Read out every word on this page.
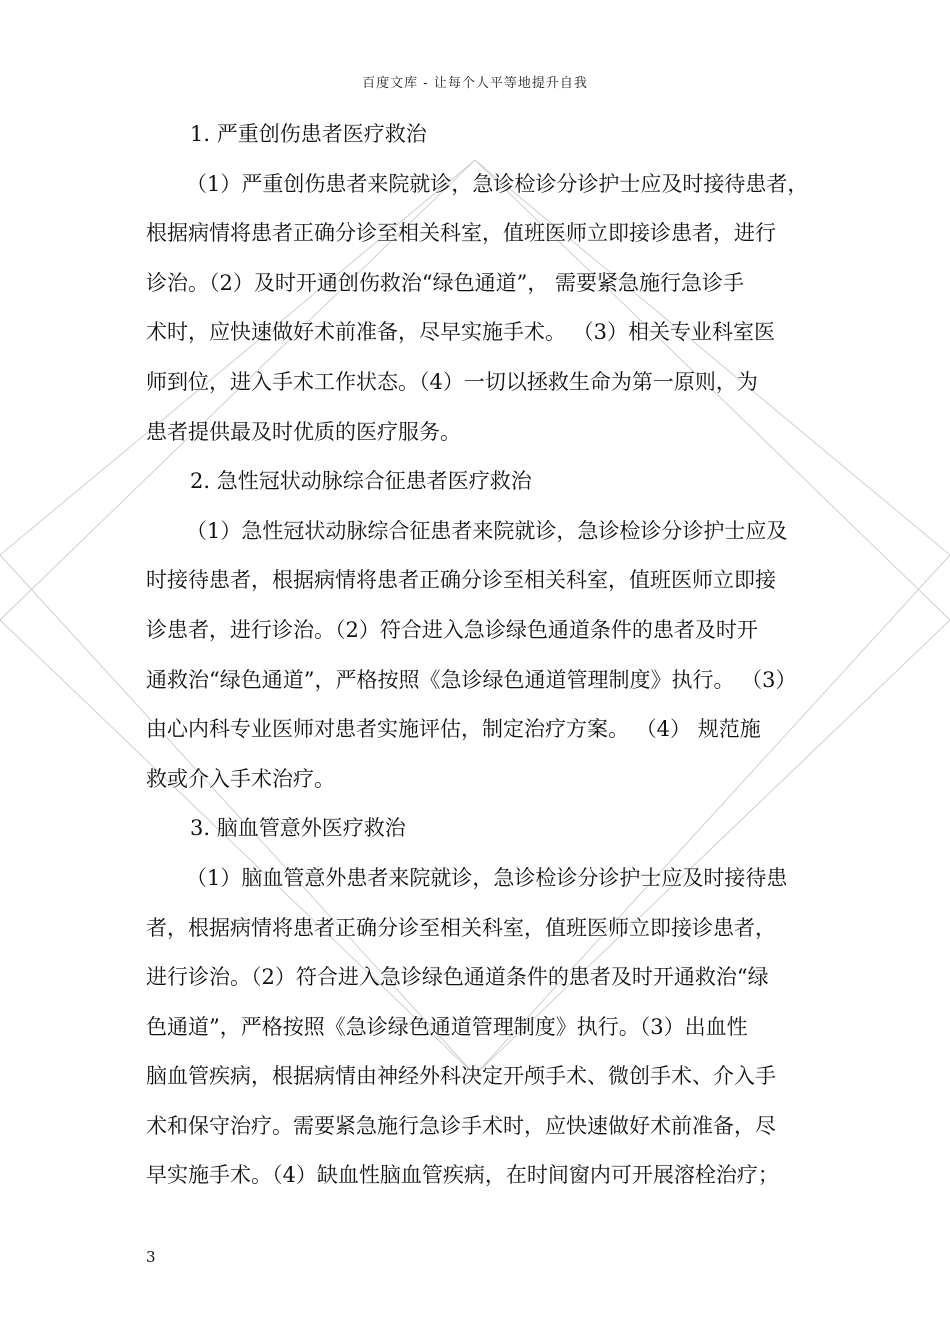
百度文库 - 让每个人平等地提升自我
1. 严重创伤患者医疗救治
（1）严重创伤患者来院就诊，急诊检诊分诊护士应及时接待患者，
根据病情将患者正确分诊至相关科室，值班医师立即接诊患者，进行
诊治。（2）及时开通创伤救治“绿色通道”， 需要紧急施行急诊手
术时，应快速做好术前准备，尽早实施手术。 （3）相关专业科室医
师到位，进入手术工作状态。（4）一切以拯救生命为第一原则，为
患者提供最及时优质的医疗服务。
2. 急性冠状动脉综合征患者医疗救治
（1）急性冠状动脉综合征患者来院就诊，急诊检诊分诊护士应及
时接待患者，根据病情将患者正确分诊至相关科室，值班医师立即接
诊患者，进行诊治。（2）符合进入急诊绿色通道条件的患者及时开
通救治“绿色通道”，严格按照《急诊绿色通道管理制度》执行。 （3）
由心内科专业医师对患者实施评估，制定治疗方案。 （4） 规范施
救或介入手术治疗。
3. 脑血管意外医疗救治
（1）脑血管意外患者来院就诊，急诊检诊分诊护士应及时接待患
者，根据病情将患者正确分诊至相关科室，值班医师立即接诊患者，
进行诊治。（2）符合进入急诊绿色通道条件的患者及时开通救治“绿
色通道”，严格按照《急诊绿色通道管理制度》执行。（3）出血性
脑血管疾病，根据病情由神经外科决定开颅手术、微创手术、介入手
术和保守治疗。需要紧急施行急诊手术时，应快速做好术前准备，尽
早实施手术。（4）缺血性脑血管疾病，在时间窗内可开展溶栓治疗；
3
